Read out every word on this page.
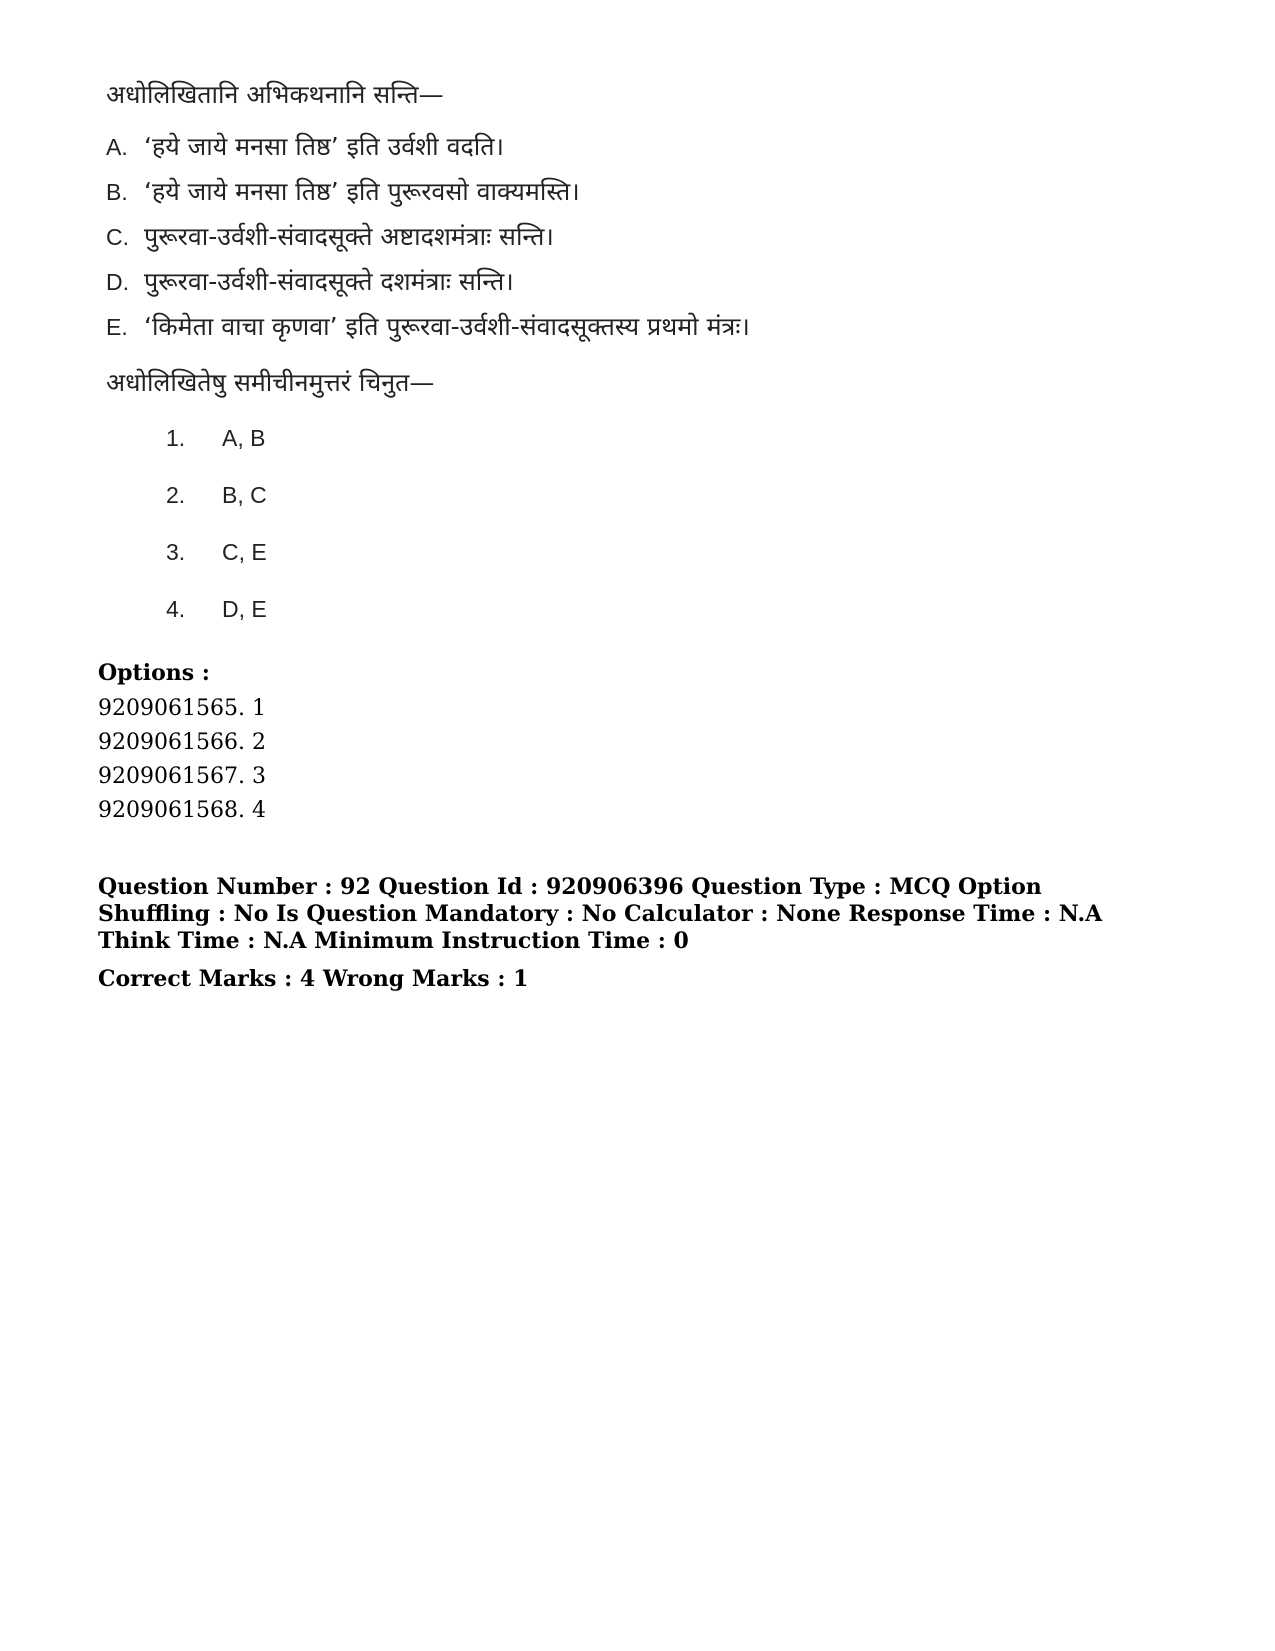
अधोलिखितानि अभिकथनानि सन्ति—
A. ‘हये जाये मनसा तिष्ठ’ इति उर्वशी वदति।
B. ‘हये जाये मनसा तिष्ठ’ इति पुरूरवसो वाक्यमस्ति।
C. पुरूरवा-उर्वशी-संवादसूक्ते अष्टादशमंत्राः सन्ति।
D. पुरूरवा-उर्वशी-संवादसूक्ते दशमंत्राः सन्ति।
E. ‘किमेता वाचा कृणवा’ इति पुरूरवा-उर्वशी-संवादसूक्तस्य प्रथमो मंत्रः।
अधोलिखितेषु समीचीनमुत्तरं चिनुत—
1. A, B
2. B, C
3. C, E
4. D, E
Options :
9209061565. 1
9209061566. 2
9209061567. 3
9209061568. 4
Question Number : 92 Question Id : 920906396 Question Type : MCQ Option Shuffling : No Is Question Mandatory : No Calculator : None Response Time : N.A Think Time : N.A Minimum Instruction Time : 0
Correct Marks : 4 Wrong Marks : 1
